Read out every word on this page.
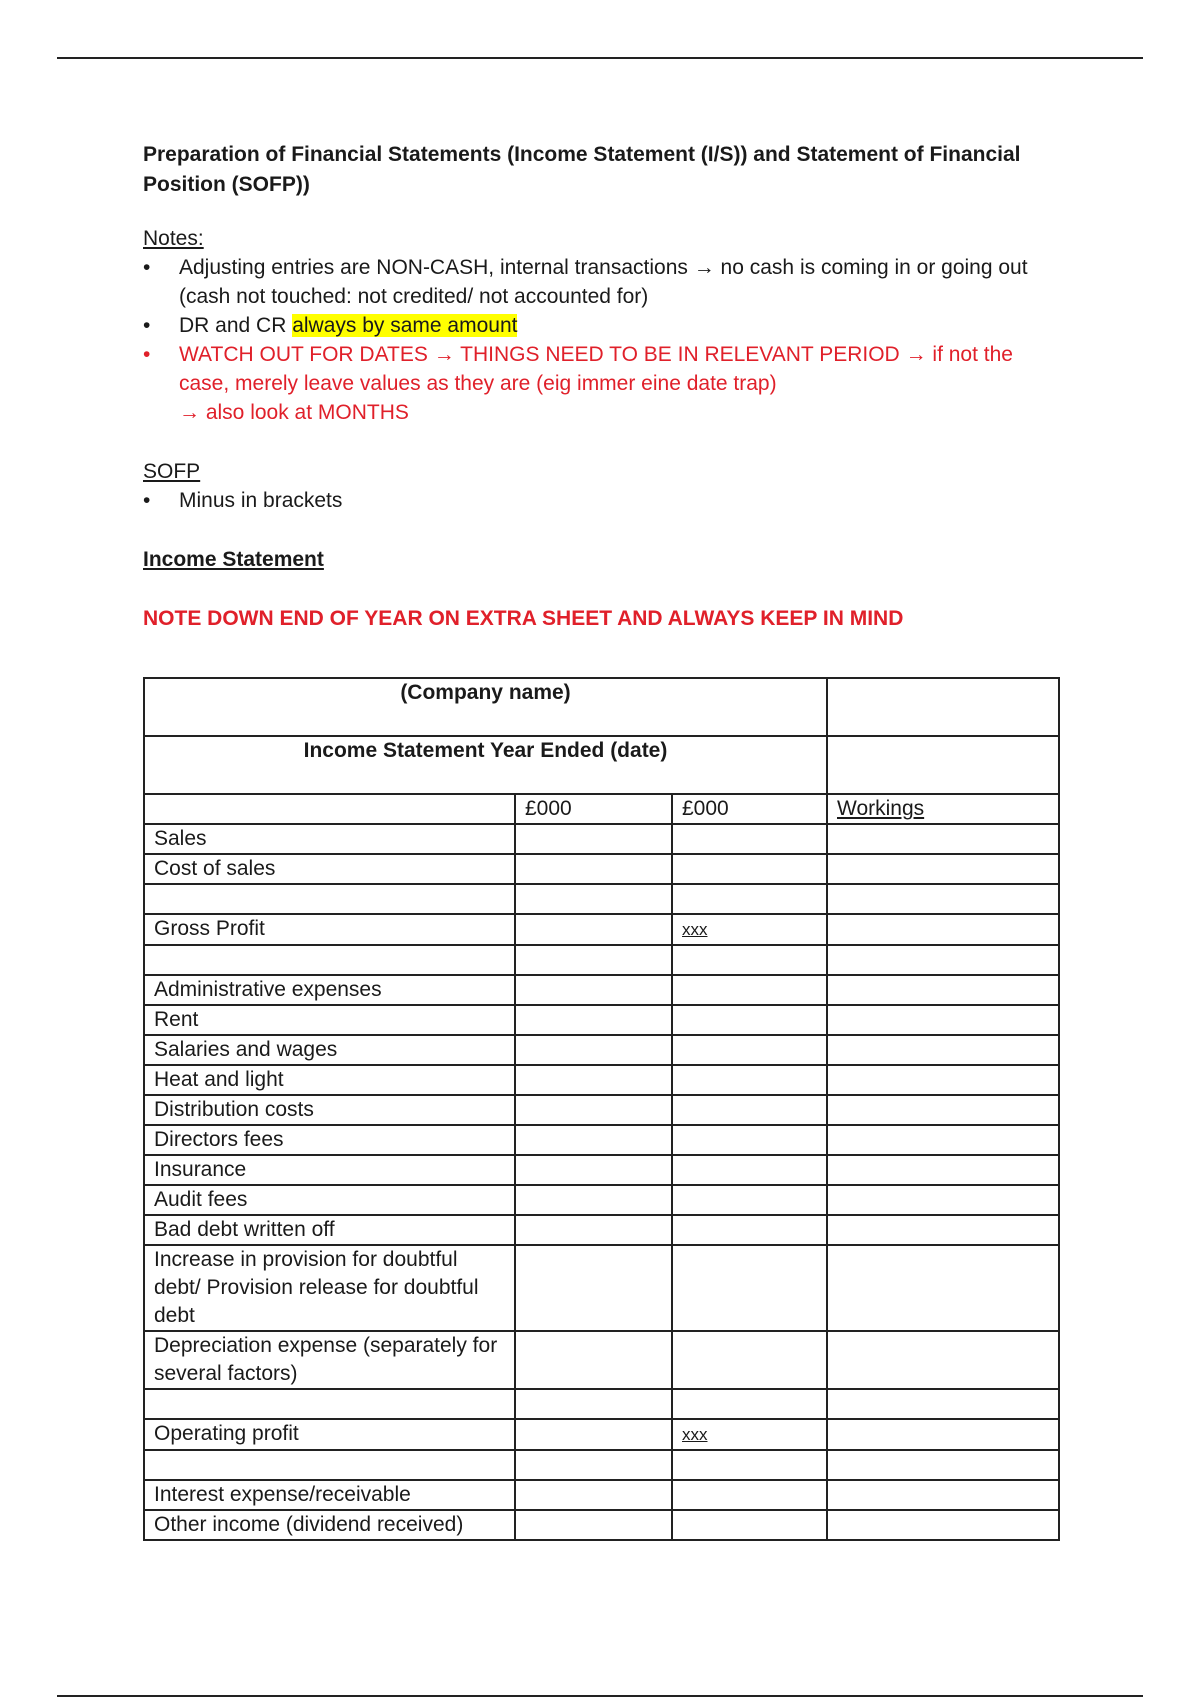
Preparation of Financial Statements (Income Statement (I/S)) and Statement of Financial Position (SOFP))

Notes:
• Adjusting entries are NON-CASH, internal transactions → no cash is coming in or going out (cash not touched: not credited/ not accounted for)
• DR and CR always by same amount
• WATCH OUT FOR DATES → THINGS NEED TO BE IN RELEVANT PERIOD → if not the case, merely leave values as they are (eig immer eine date trap)
→ also look at MONTHS
SOFP
• Minus in brackets
Income Statement
NOTE DOWN END OF YEAR ON EXTRA SHEET AND ALWAYS KEEP IN MIND
(Company name)			
Income Statement Year Ended (date)			
	£000	£000	Workings
Sales			
Cost of sales			

Gross Profit		xxx	

Administrative expenses			
Rent			
Salaries and wages			
Heat and light			
Distribution costs			
Directors fees			
Insurance			
Audit fees			
Bad debt written off			
Increase in provision for doubtful debt/ Provision release for doubtful debt			
Depreciation expense (separately for several factors)			

Operating profit		xxx	

Interest expense/receivable			
Other income (dividend received)			
